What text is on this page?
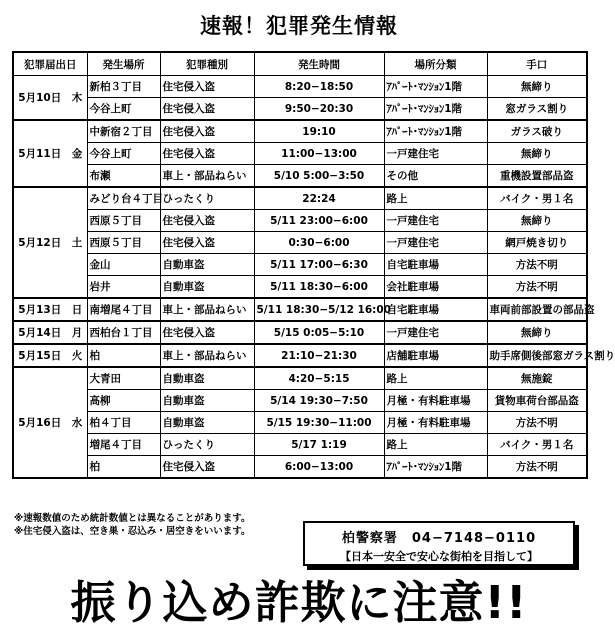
速報！犯罪発生情報
犯罪届出日	発生場所	犯罪種別	発生時間	場所分類	手口
5月10日　木	新柏３丁目	住宅侵入盗	8:20−18:50	ｱﾊﾟｰﾄ･ﾏﾝｼｮﾝ1階	無締り
	今谷上町	住宅侵入盗	9:50−20:30	ｱﾊﾟｰﾄ･ﾏﾝｼｮﾝ1階	窓ガラス割り
5月11日　金	中新宿２丁目	住宅侵入盗	19:10	ｱﾊﾟｰﾄ･ﾏﾝｼｮﾝ1階	ガラス破り
	今谷上町	住宅侵入盗	11:00−13:00	一戸建住宅	無締り
	布瀬	車上・部品ねらい	5/10 5:00−3:50	その他	重機設置部品盗
5月12日　土	みどり台４丁目	ひったくり	22:24	路上	バイク・男１名
	西原５丁目	住宅侵入盗	5/11 23:00−6:00	一戸建住宅	無締り
	西原５丁目	住宅侵入盗	0:30−6:00	一戸建住宅	網戸焼き切り
	金山	自動車盗	5/11 17:00−6:30	自宅駐車場	方法不明
	岩井	自動車盗	5/11 18:30−6:00	会社駐車場	方法不明
5月13日　日	南増尾４丁目	車上・部品ねらい	5/11 18:30−5/12 16:00	自宅駐車場	車両前部設置の部品盗
5月14日　月	西柏台１丁目	住宅侵入盗	5/15 0:05−5:10	一戸建住宅	無締り
5月15日　火	柏	車上・部品ねらい	21:10−21:30	店舗駐車場	助手席側後部窓ガラス割り
5月16日　水	大青田	自動車盗	4:20−5:15	路上	無施錠
	高柳	自動車盗	5/14 19:30−7:50	月極・有料駐車場	貨物車荷台部品盗
	柏４丁目	自動車盗	5/15 19:30−11:00	月極・有料駐車場	方法不明
	増尾４丁目	ひったくり	5/17 1:19	路上	バイク・男１名
	柏	住宅侵入盗	6:00−13:00	ｱﾊﾟｰﾄ･ﾏﾝｼｮﾝ1階	方法不明
※速報数値のため統計数値とは異なることがあります。
※住宅侵入盗は、空き巣・忍込み・居空きをいいます。	柏警察署　04−7148−0110
【日本一安全で安心な街柏を目指して】
振り込め詐欺に注意!!
